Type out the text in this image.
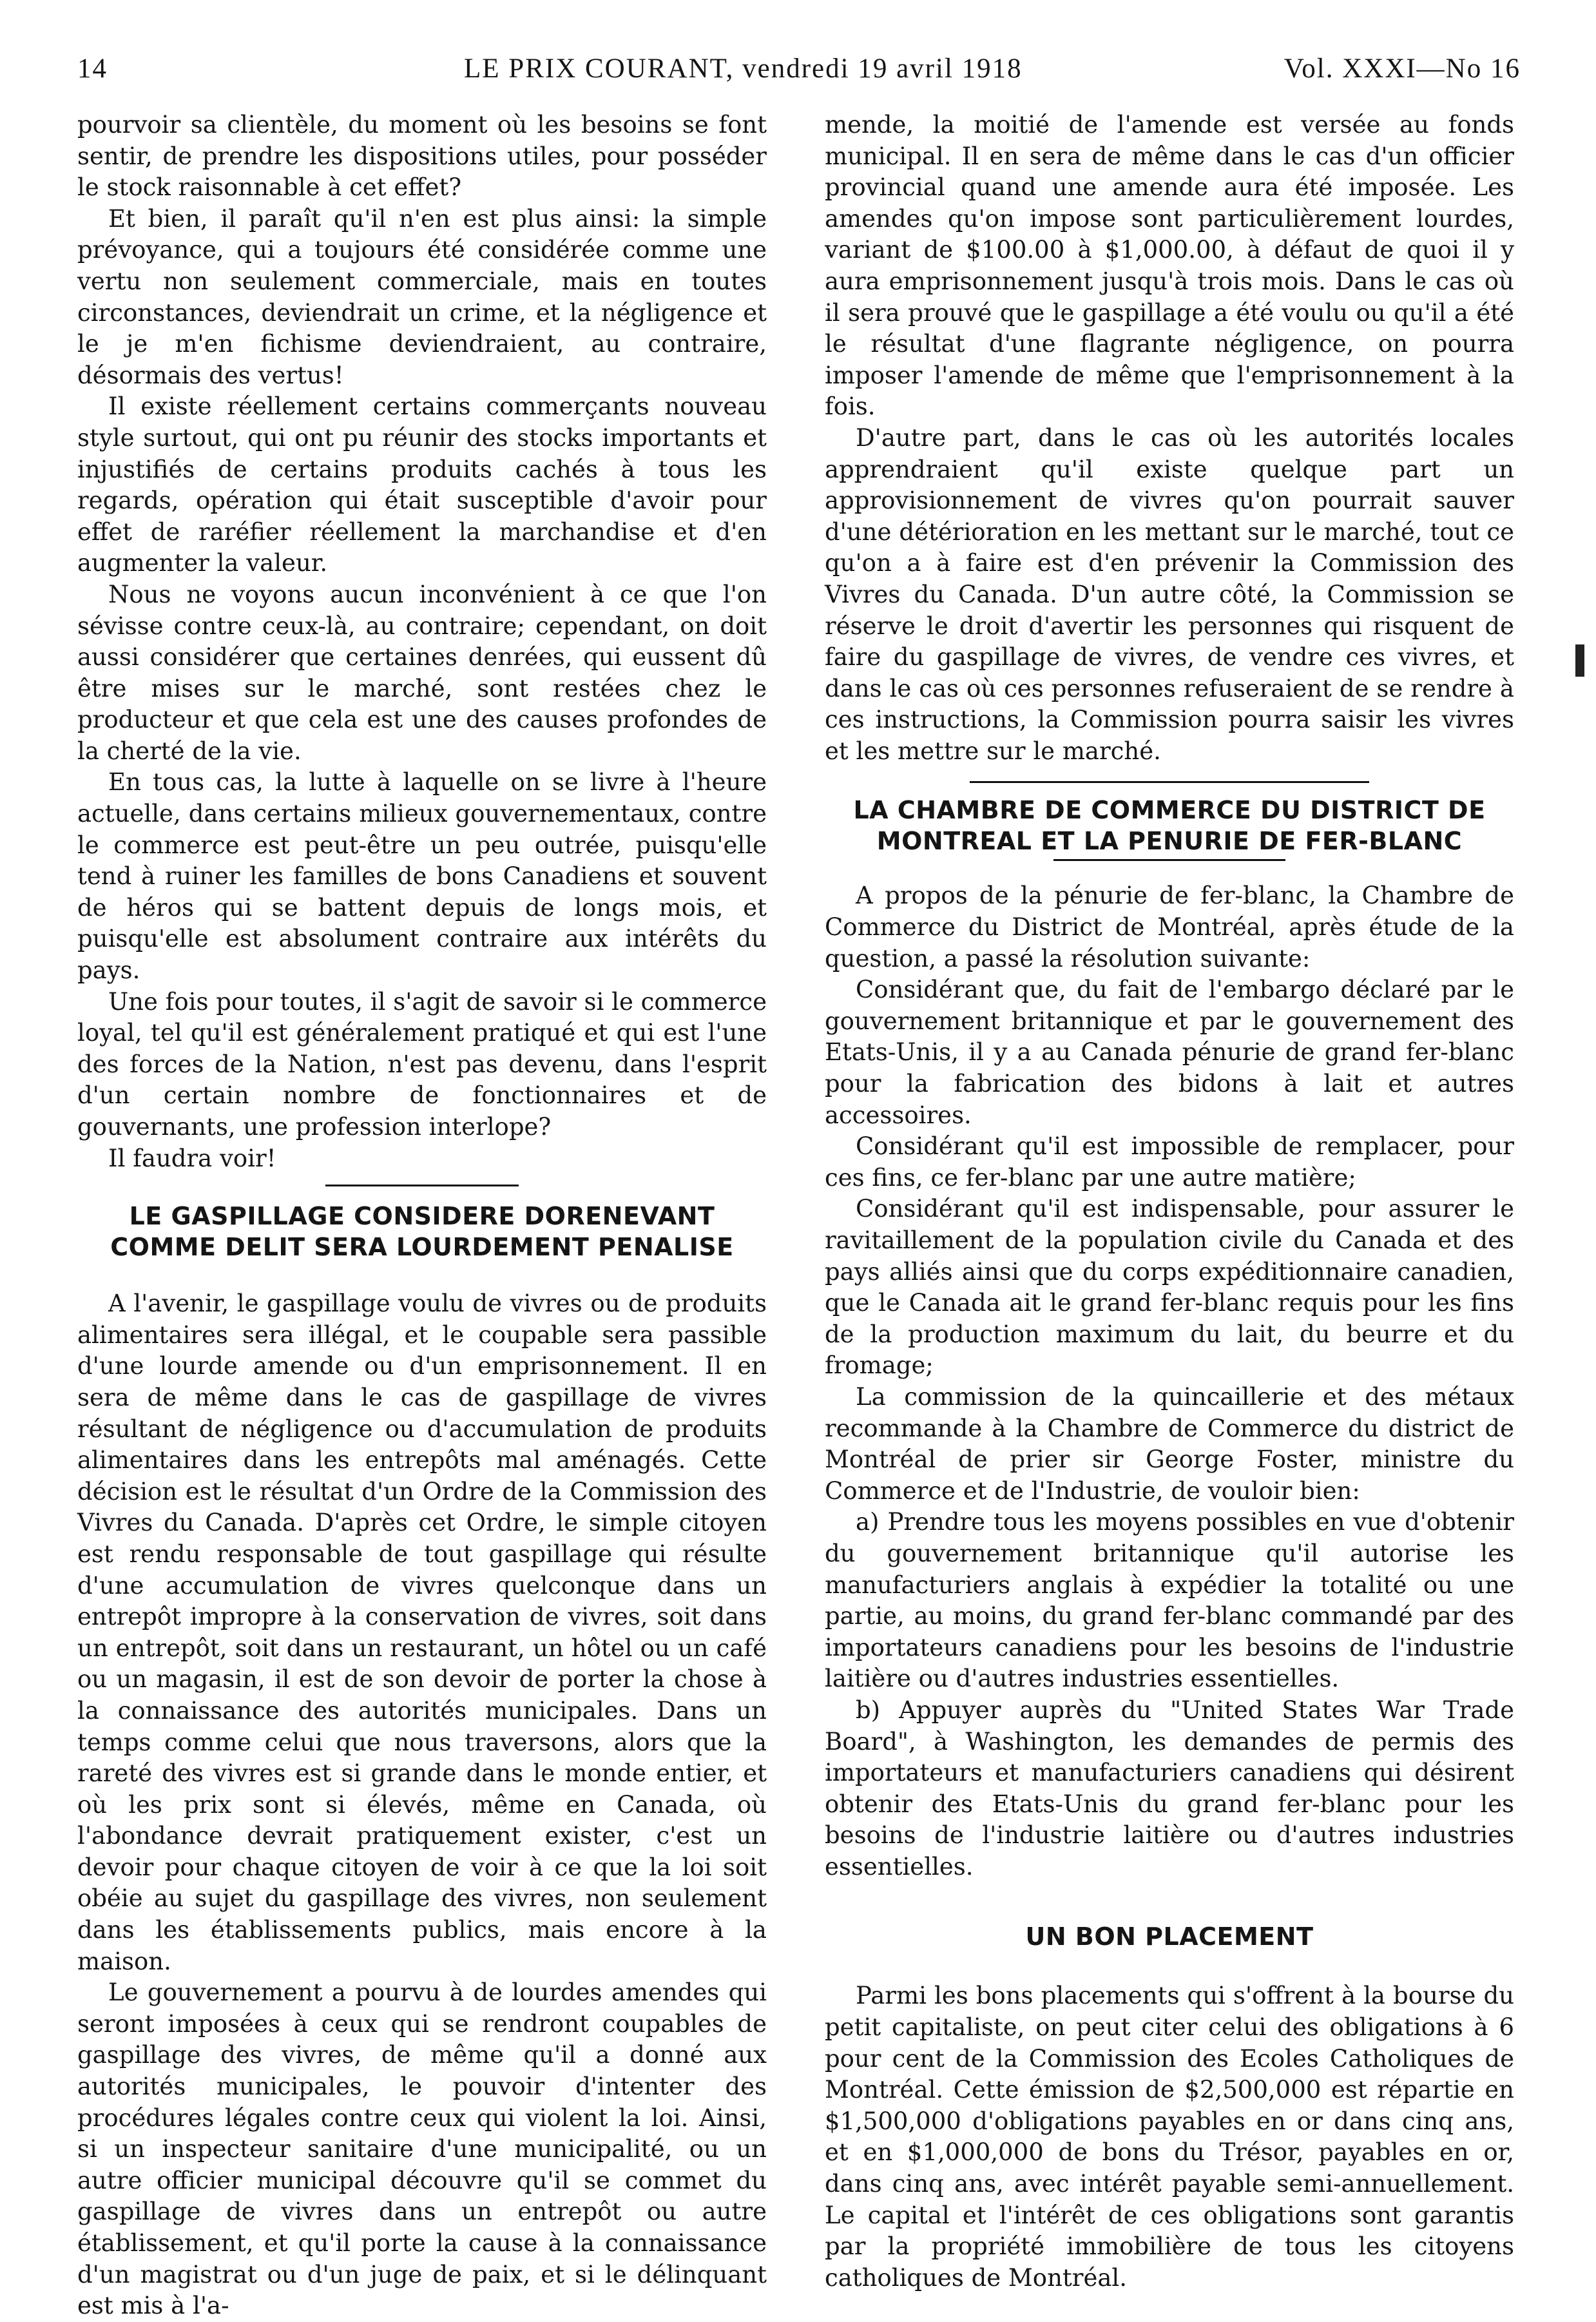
14	LE PRIX COURANT, vendredi 19 avril 1918	Vol. XXXI—No 16

pourvoir sa clientèle, du moment où les besoins se font sentir, de prendre les dispositions utiles, pour posséder le stock raisonnable à cet effet?

Et bien, il paraît qu'il n'en est plus ainsi: la simple prévoyance, qui a toujours été considérée comme une vertu non seulement commerciale, mais en toutes circonstances, deviendrait un crime, et la négligence et le je m'en fichisme deviendraient, au contraire, désormais des vertus!

Il existe réellement certains commerçants nouveau style surtout, qui ont pu réunir des stocks importants et injustifiés de certains produits cachés à tous les regards, opération qui était susceptible d'avoir pour effet de raréfier réellement la marchandise et d'en augmenter la valeur.

Nous ne voyons aucun inconvénient à ce que l'on sévisse contre ceux-là, au contraire; cependant, on doit aussi considérer que certaines denrées, qui eussent dû être mises sur le marché, sont restées chez le producteur et que cela est une des causes profondes de la cherté de la vie.

En tous cas, la lutte à laquelle on se livre à l'heure actuelle, dans certains milieux gouvernementaux, contre le commerce est peut-être un peu outrée, puisqu'elle tend à ruiner les familles de bons Canadiens et souvent de héros qui se battent depuis de longs mois, et puisqu'elle est absolument contraire aux intérêts du pays.

Une fois pour toutes, il s'agit de savoir si le commerce loyal, tel qu'il est généralement pratiqué et qui est l'une des forces de la Nation, n'est pas devenu, dans l'esprit d'un certain nombre de fonctionnaires et de gouvernants, une profession interlope?

Il faudra voir!

LE GASPILLAGE CONSIDERE DORENEVANT COMME DELIT SERA LOURDEMENT PENALISE

A l'avenir, le gaspillage voulu de vivres ou de produits alimentaires sera illégal, et le coupable sera passible d'une lourde amende ou d'un emprisonnement. Il en sera de même dans le cas de gaspillage de vivres résultant de négligence ou d'accumulation de produits alimentaires dans les entrepôts mal aménagés. Cette décision est le résultat d'un Ordre de la Commission des Vivres du Canada. D'après cet Ordre, le simple citoyen est rendu responsable de tout gaspillage qui résulte d'une accumulation de vivres quelconque dans un entrepôt impropre à la conservation de vivres, soit dans un entrepôt, soit dans un restaurant, un hôtel ou un café ou un magasin, il est de son devoir de porter la chose à la connaissance des autorités municipales. Dans un temps comme celui que nous traversons, alors que la rareté des vivres est si grande dans le monde entier, et où les prix sont si élevés, même en Canada, où l'abondance devrait pratiquement exister, c'est un devoir pour chaque citoyen de voir à ce que la loi soit obéie au sujet du gaspillage des vivres, non seulement dans les établissements publics, mais encore à la maison.

Le gouvernement a pourvu à de lourdes amendes qui seront imposées à ceux qui se rendront coupables de gaspillage des vivres, de même qu'il a donné aux autorités municipales, le pouvoir d'intenter des procédures légales contre ceux qui violent la loi. Ainsi, si un inspecteur sanitaire d'une municipalité, ou un autre officier municipal découvre qu'il se commet du gaspillage de vivres dans un entrepôt ou autre établissement, et qu'il porte la cause à la connaissance d'un magistrat ou d'un juge de paix, et si le délinquant est mis à l'a-

mende, la moitié de l'amende est versée au fonds municipal. Il en sera de même dans le cas d'un officier provincial quand une amende aura été imposée. Les amendes qu'on impose sont particulièrement lourdes, variant de $100.00 à $1,000.00, à défaut de quoi il y aura emprisonnement jusqu'à trois mois. Dans le cas où il sera prouvé que le gaspillage a été voulu ou qu'il a été le résultat d'une flagrante négligence, on pourra imposer l'amende de même que l'emprisonnement à la fois.

D'autre part, dans le cas où les autorités locales apprendraient qu'il existe quelque part un approvisionnement de vivres qu'on pourrait sauver d'une détérioration en les mettant sur le marché, tout ce qu'on a à faire est d'en prévenir la Commission des Vivres du Canada. D'un autre côté, la Commission se réserve le droit d'avertir les personnes qui risquent de faire du gaspillage de vivres, de vendre ces vivres, et dans le cas où ces personnes refuseraient de se rendre à ces instructions, la Commission pourra saisir les vivres et les mettre sur le marché.

LA CHAMBRE DE COMMERCE DU DISTRICT DE MONTREAL ET LA PENURIE DE FER-BLANC

A propos de la pénurie de fer-blanc, la Chambre de Commerce du District de Montréal, après étude de la question, a passé la résolution suivante:

Considérant que, du fait de l'embargo déclaré par le gouvernement britannique et par le gouvernement des Etats-Unis, il y a au Canada pénurie de grand fer-blanc pour la fabrication des bidons à lait et autres accessoires.

Considérant qu'il est impossible de remplacer, pour ces fins, ce fer-blanc par une autre matière;

Considérant qu'il est indispensable, pour assurer le ravitaillement de la population civile du Canada et des pays alliés ainsi que du corps expéditionnaire canadien, que le Canada ait le grand fer-blanc requis pour les fins de la production maximum du lait, du beurre et du fromage;

La commission de la quincaillerie et des métaux recommande à la Chambre de Commerce du district de Montréal de prier sir George Foster, ministre du Commerce et de l'Industrie, de vouloir bien:

a) Prendre tous les moyens possibles en vue d'obtenir du gouvernement britannique qu'il autorise les manufacturiers anglais à expédier la totalité ou une partie, au moins, du grand fer-blanc commandé par des importateurs canadiens pour les besoins de l'industrie laitière ou d'autres industries essentielles.

b) Appuyer auprès du "United States War Trade Board", à Washington, les demandes de permis des importateurs et manufacturiers canadiens qui désirent obtenir des Etats-Unis du grand fer-blanc pour les besoins de l'industrie laitière ou d'autres industries essentielles.

UN BON PLACEMENT

Parmi les bons placements qui s'offrent à la bourse du petit capitaliste, on peut citer celui des obligations à 6 pour cent de la Commission des Ecoles Catholiques de Montréal. Cette émission de $2,500,000 est répartie en $1,500,000 d'obligations payables en or dans cinq ans, et en $1,000,000 de bons du Trésor, payables en or, dans cinq ans, avec intérêt payable semi-annuellement. Le capital et l'intérêt de ces obligations sont garantis par la propriété immobilière de tous les citoyens catholiques de Montréal.
